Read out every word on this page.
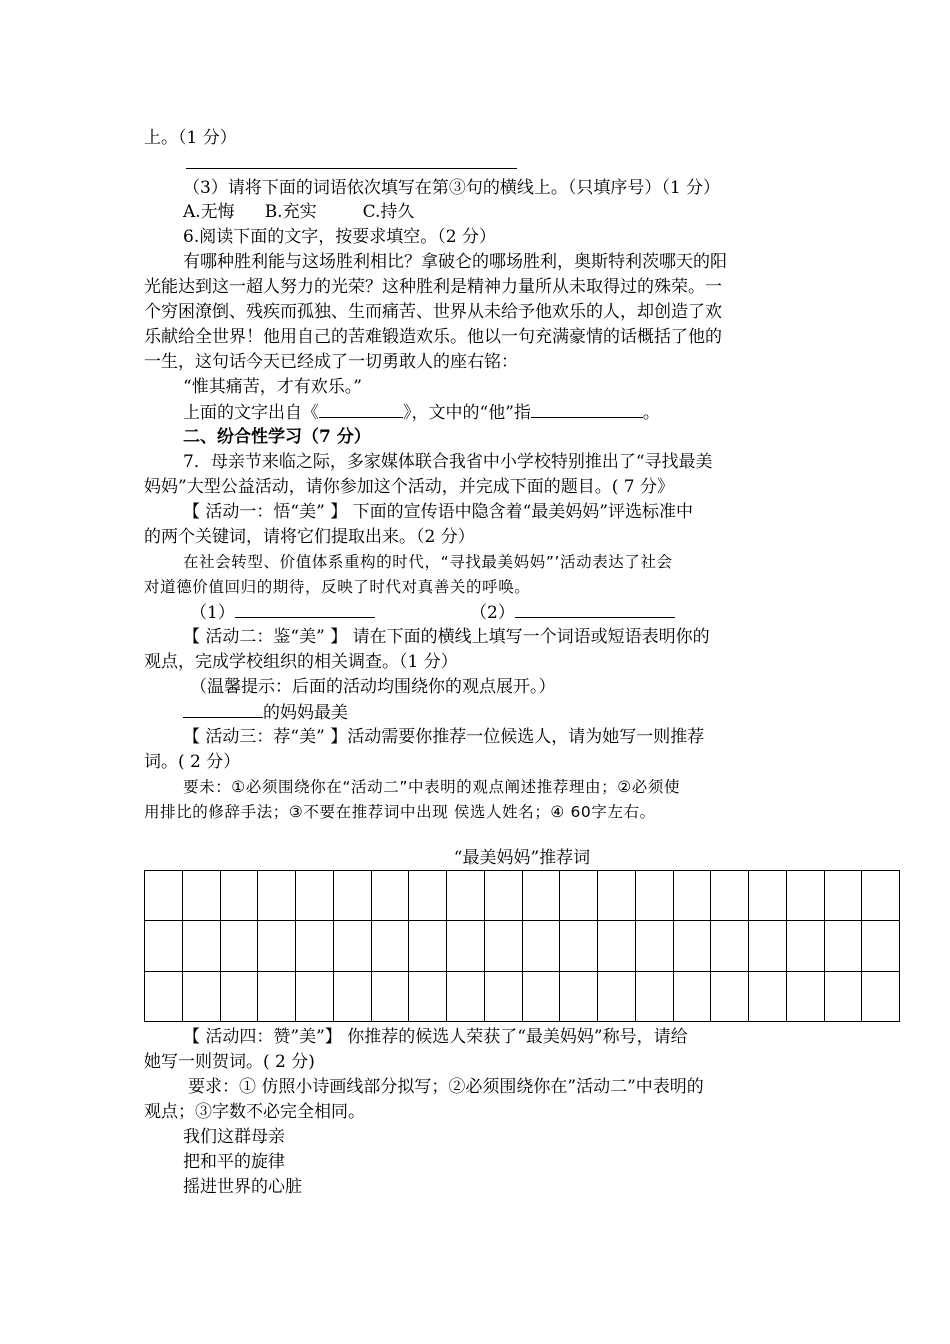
上。（1 分）
（3）请将下面的词语依次填写在第③句的横线上。（只填序号）（1 分）
A.无悔 B.充实	C.持久
6.阅读下面的文字，按要求填空。（2 分）
有哪种胜利能与这场胜利相比？拿破仑的哪场胜利，奥斯特利茨哪天的阳
光能达到这一超人努力的光荣？这种胜利是精神力量所从未取得过的殊荣。一
个穷困潦倒、残疾而孤独、生而痛苦、世界从未给予他欢乐的人，却创造了欢
乐献给全世界！他用自己的苦难锻造欢乐。他以一句充满豪情的话概括了他的
一生，这句话今天已经成了一切勇敢人的座右铭：
“惟其痛苦，才有欢乐。”
上面的文字出自《	》，文中的“他”指	。
二、纷合性学习（7 分）
7．母亲节来临之际，多家媒体联合我省中小学校特别推出了“寻找最美
妈妈”大型公益活动，请你参加这个活动，并完成下面的题目。( 7 分》
【 活动一：悟“美” 】 下面的宣传语中隐含着“最美妈妈”评选标准中
的两个关键词，请将它们提取出来。（2 分）
在社会转型、价值体系重构的时代，“寻找最美妈妈”’活动表达了社会
对道德价值回归的期待，反映了时代对真善关的呼唤。
（1）	（2）
【 活动二：鉴“美” 】 请在下面的横线上填写一个词语或短语表明你的
观点，完成学校组织的相关调查。（1 分）
（温馨提示：后面的活动均围绕你的观点展开。）
的妈妈最美
【 活动三：荐“美” 】活动需要你推荐一位候选人，请为她写一则推荐
词。( 2 分）
要未：①必须围绕你在“活动二”中表明的观点阐述推荐理由；②必须使
用排比的修辞手法；③不要在推荐词中出现 侯选人姓名；④ 60字左右。
“最美妈妈”推荐词

【 活动四：赞”美”】 你推荐的候选人荣获了“最美妈妈”称号，请给
她写一则贺词。( 2 分)
要求：① 仿照小诗画线部分拟写；②必须围绕你在”活动二”中表明的
观点；③字数不必完全相同。
我们这群母亲
把和平的旋律
摇进世界的心脏
